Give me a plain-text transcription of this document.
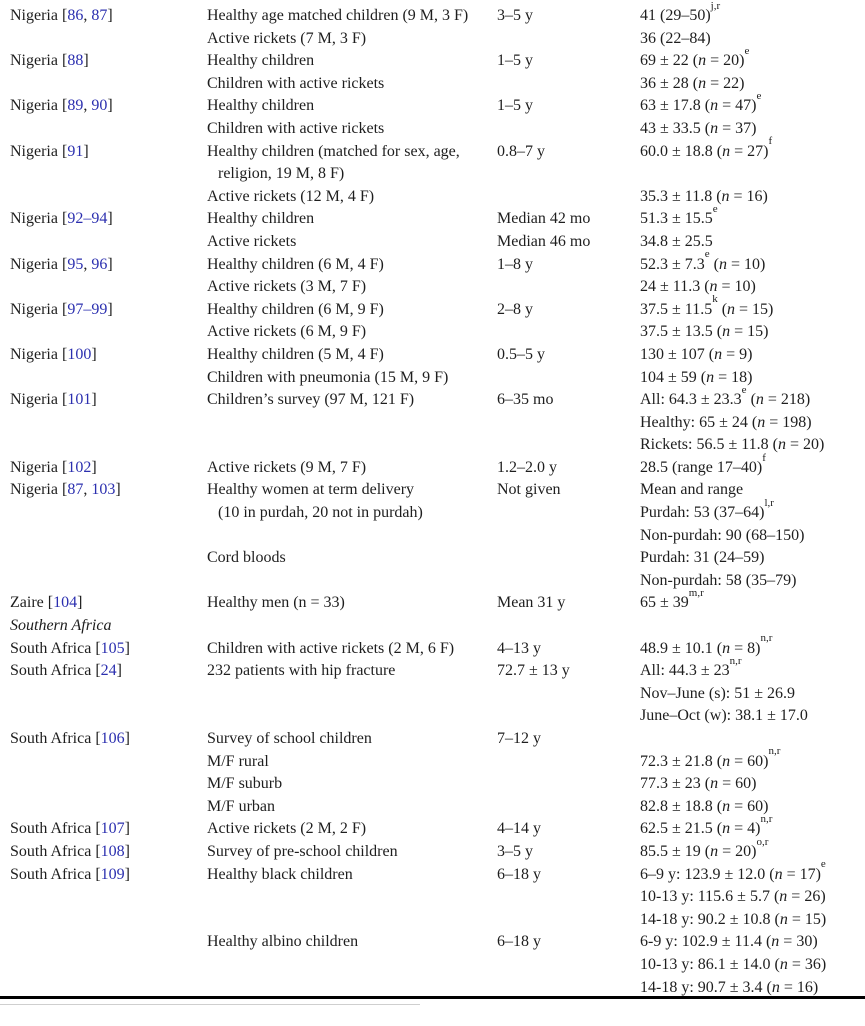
Nigeria [86, 87]	Healthy age matched children (9 M, 3 F)	3–5 y	41 $(29-50)^{j,r}$
Active rickets (7 M, 3 F)	36 (22–84)
Nigeria [88]	Healthy children	1–5 y	69 ± 22 (n = 20)$^e$
Children with active rickets	36 ± 28 (n = 22)
Nigeria [89, 90]	Healthy children	1–5 y	63 ± 17.8 (n = 47)$^e$
Children with active rickets	43 ± 33.5 (n = 37)
Nigeria [91]	Healthy children (matched for sex, age,	0.8–7 y	60.0 ± 18.8 (n = 27)$^f$
religion, 19 M, 8 F)
Active rickets (12 M, 4 F)	35.3 ± 11.8 (n = 16)
Nigeria [92–94]	Healthy children	Median 42 mo	51.3 ± 15.5$^e$
Active rickets	Median 46 mo	34.8 ± 25.5
Nigeria [95, 96]	Healthy children (6 M, 4 F)	1–8 y	52.3 ± 7.3$^e$ (n = 10)
Active rickets (3 M, 7 F)	24 ± 11.3 (n = 10)
Nigeria [97–99]	Healthy children (6 M, 9 F)	2–8 y	$37.5 \pm 11.5^k$ (n = 15)
Active rickets (6 M, 9 F)	37.5 ± 13.5 (n = 15)
Nigeria [100]	Healthy children (5 M, 4 F)	0.5–5 y	130 ± 107 (n = 9)
Children with pneumonia (15 M, 9 F)	104 ± 59 (n = 18)
Nigeria [101]	Children’s survey (97 M, 121 F)	6–35 mo	All: 64.3 ± 23.3$^e$ (n = 218)
Healthy: 65 ± 24 (n = 198)
Rickets: 56.5 ± 11.8 (n = 20)
Nigeria [102]	Active rickets (9 M, 7 F)	1.2–2.0 y	28.5 (range 17–40)$^f$
Nigeria [87, 103]	Healthy women at term delivery	Not given	Mean and range
(10 in purdah, 20 not in purdah)	Purdah: 53 $(37-64)^{l,r}$
Non-purdah: 90 (68–150)
Cord bloods	Purdah: 31 (24–59)
Non-purdah: 58 (35–79)
Zaire [104]	Healthy men (n = 33)	Mean 31 y	$65 \pm 39^{m,r}$
Southern Africa
South Africa [105]	Children with active rickets (2 M, 6 F)	4–13 y	48.9 ± 10.1 (n = 8)$^{n,r}$
South Africa [24]	232 patients with hip fracture	72.7 ± 13 y	All: $44.3 \pm 23^{n,r}$
Nov–June (s): 51 ± 26.9
June–Oct (w): 38.1 ± 17.0
South Africa [106]	Survey of school children	7–12 y
M/F rural	72.3 ± 21.8 (n = 60)$^{n,r}$
M/F suburb	77.3 ± 23 (n = 60)
M/F urban	82.8 ± 18.8 (n = 60)
South Africa [107]	Active rickets (2 M, 2 F)	4–14 y	62.5 ± 21.5 (n = 4)$^{n,r}$
South Africa [108]	Survey of pre-school children	3–5 y	85.5 ± 19 (n = 20)$^{o,r}$
South Africa [109]	Healthy black children	6–18 y	6–9 y: 123.9 ± 12.0 (n = 17)$^e$
10-13 y: 115.6 ± 5.7 (n = 26)
14-18 y: 90.2 ± 10.8 (n = 15)
Healthy albino children	6–18 y	6-9 y: 102.9 ± 11.4 (n = 30)
10-13 y: 86.1 ± 14.0 (n = 36)
14-18 y: 90.7 ± 3.4 (n = 16)
